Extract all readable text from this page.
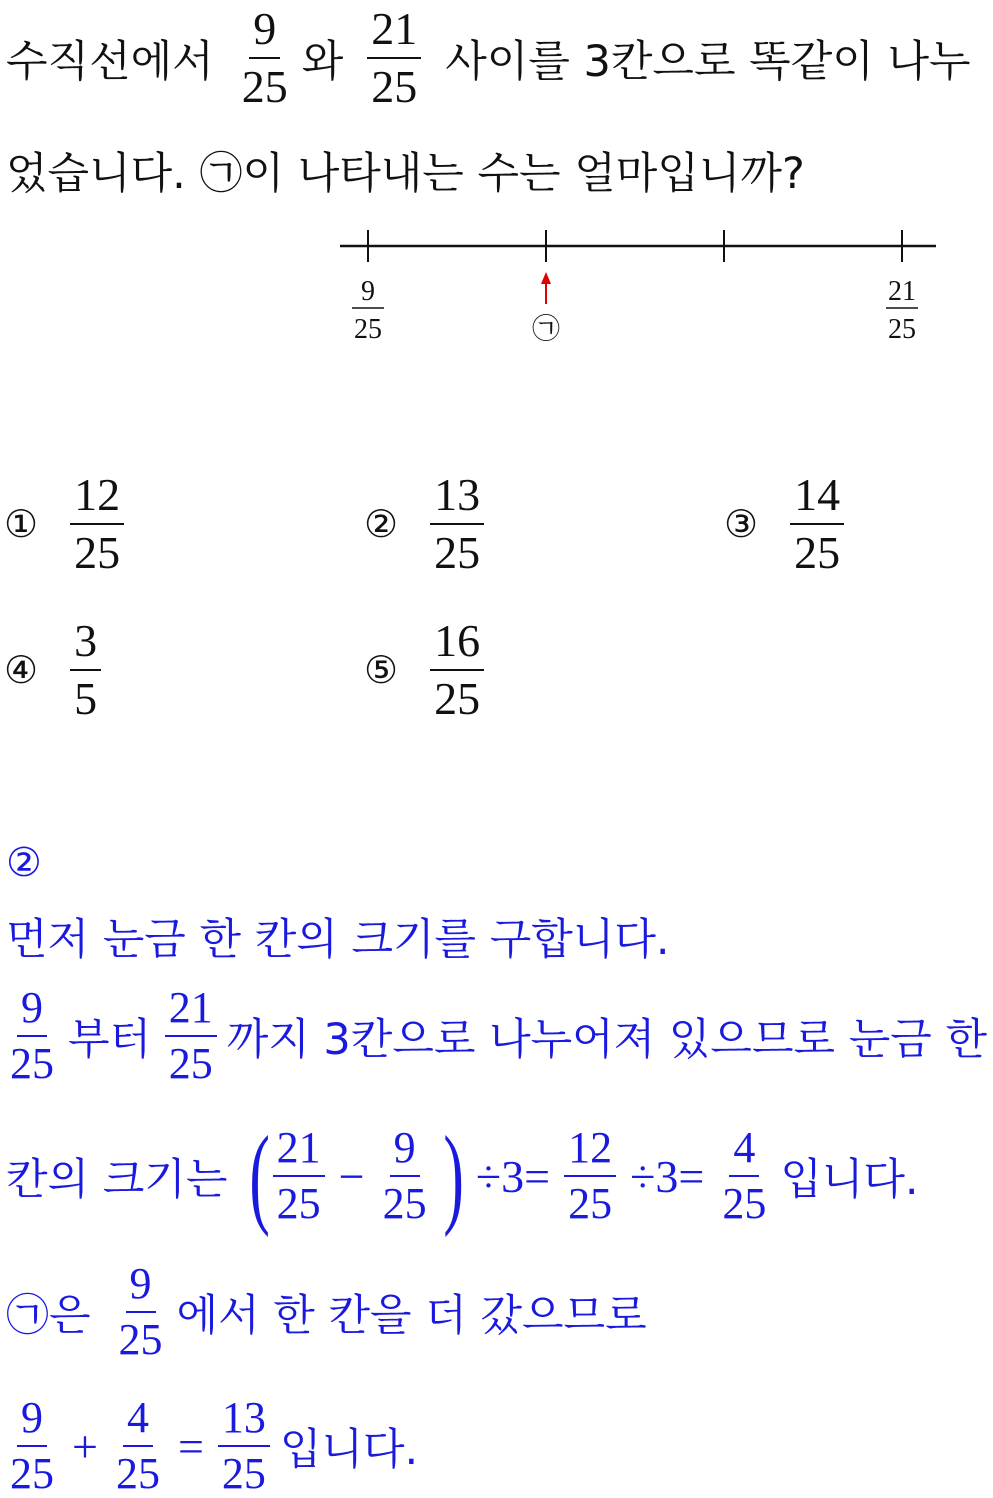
수직선에서 $\frac{9}{25}$ 와 $\frac{21}{25}$ 사이를 3칸으로 똑같이 나누
었습니다. ㉠이 나타내는 수는 얼마입니까?
9
25
21
25
㉠
① $\frac{12}{25}$	② $\frac{13}{25}$	③ $\frac{14}{25}$
④ $\frac{3}{5}$	⑤ $\frac{16}{25}$
②
먼저 눈금 한 칸의 크기를 구합니다.
$\frac{9}{25}$ 부터 $\frac{21}{25}$ 까지 3칸으로 나누어져 있으므로 눈금 한
칸의 크기는 ( $\frac{21}{25} - \frac{9}{25}$ ) $\div 3= \frac{12}{25} \div 3= \frac{4}{25}$ 입니다.
㉠은 $\frac{9}{25}$ 에서 한 칸을 더 갔으므로
$\frac{9}{25} + \frac{4}{25} = \frac{13}{25}$ 입니다.
